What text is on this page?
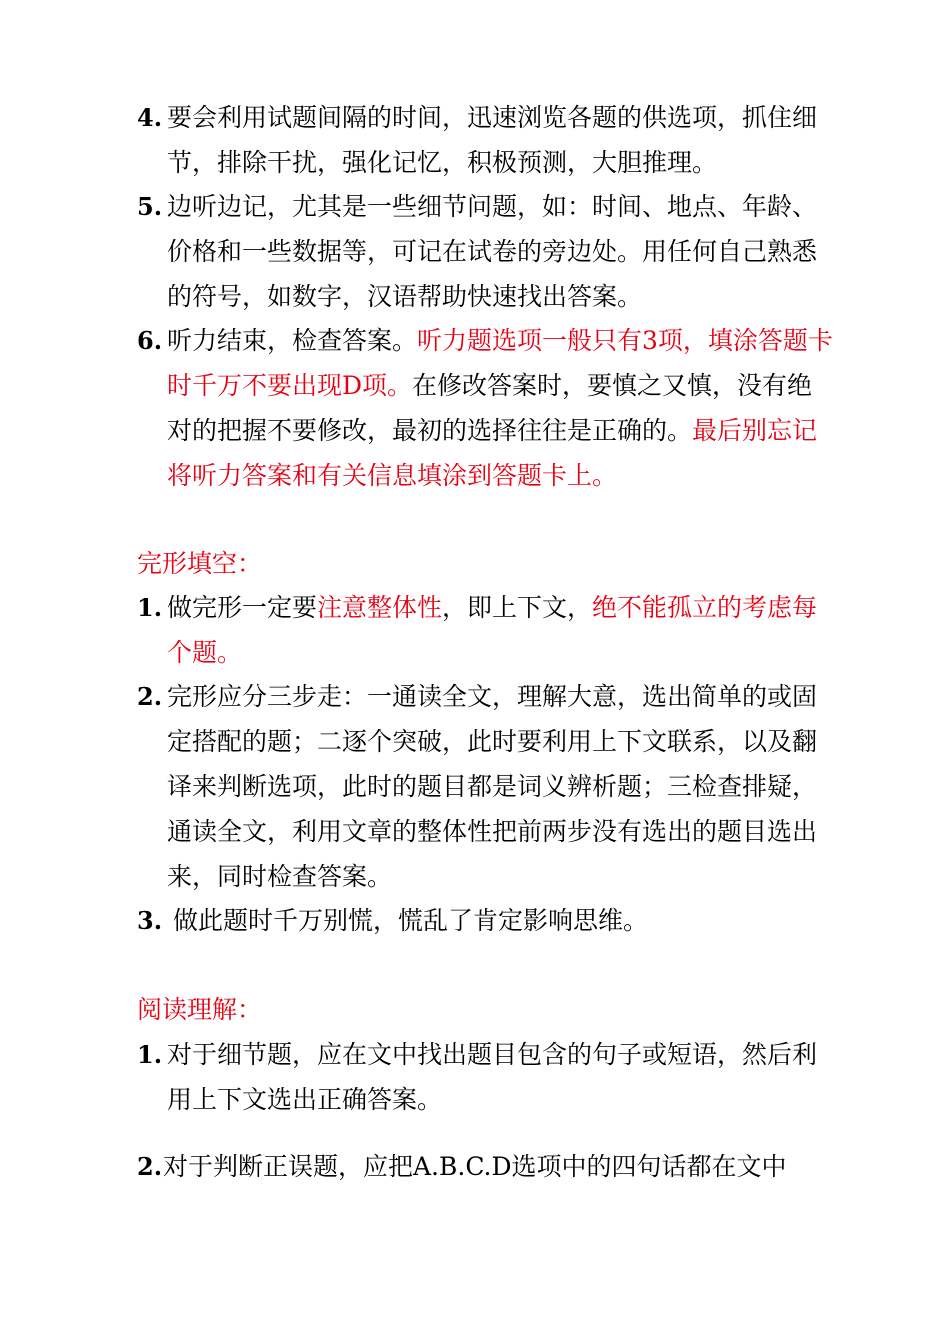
4. 要会利用试题间隔的时间，迅速浏览各题的供选项，抓住细节，排除干扰，强化记忆，积极预测，大胆推理。
5. 边听边记，尤其是一些细节问题，如：时间、地点、年龄、价格和一些数据等，可记在试卷的旁边处。用任何自己熟悉的符号，如数字，汉语帮助快速找出答案。
6. 听力结束，检查答案。听力题选项一般只有3项，填涂答题卡时千万不要出现D项。在修改答案时，要慎之又慎，没有绝对的把握不要修改，最初的选择往往是正确的。最后别忘记将听力答案和有关信息填涂到答题卡上。
完形填空：
1. 做完形一定要注意整体性，即上下文，绝不能孤立的考虑每个题。
2. 完形应分三步走：一通读全文，理解大意，选出简单的或固定搭配的题；二逐个突破，此时要利用上下文联系，以及翻译来判断选项，此时的题目都是词义辨析题；三检查排疑，通读全文，利用文章的整体性把前两步没有选出的题目选出来，同时检查答案。
3. 做此题时千万别慌，慌乱了肯定影响思维。
阅读理解：
1. 对于细节题，应在文中找出题目包含的句子或短语，然后利用上下文选出正确答案。
2. 对于判断正误题，应把A.B.C.D选项中的四句话都在文中
